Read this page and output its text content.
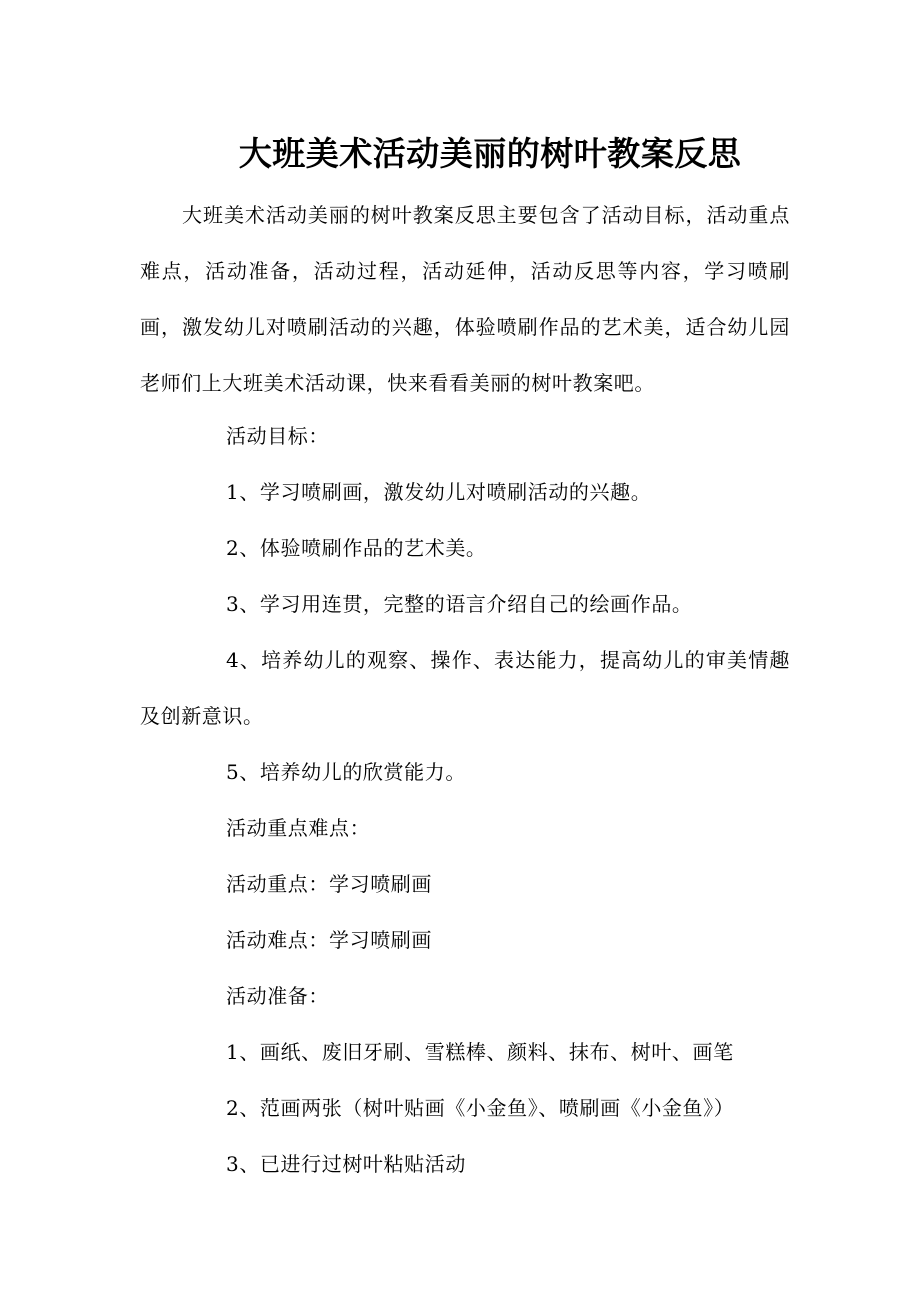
大班美术活动美丽的树叶教案反思

大班美术活动美丽的树叶教案反思主要包含了活动目标，活动重点难点，活动准备，活动过程，活动延伸，活动反思等内容，学习喷刷画，激发幼儿对喷刷活动的兴趣，体验喷刷作品的艺术美，适合幼儿园老师们上大班美术活动课，快来看看美丽的树叶教案吧。

活动目标：

1、学习喷刷画，激发幼儿对喷刷活动的兴趣。

2、体验喷刷作品的艺术美。

3、学习用连贯，完整的语言介绍自己的绘画作品。

4、培养幼儿的观察、操作、表达能力，提高幼儿的审美情趣及创新意识。

5、培养幼儿的欣赏能力。

活动重点难点：

活动重点：学习喷刷画

活动难点：学习喷刷画

活动准备：

1、画纸、废旧牙刷、雪糕棒、颜料、抹布、树叶、画笔

2、范画两张（树叶贴画《小金鱼》、喷刷画《小金鱼》）

3、已进行过树叶粘贴活动
